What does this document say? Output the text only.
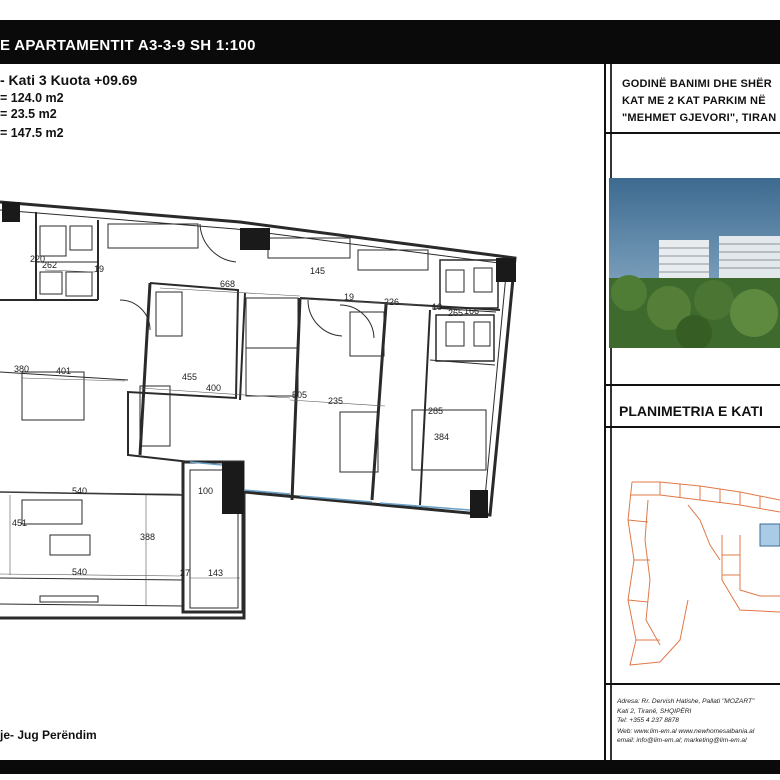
E APARTAMENTIT A3-3-9 SH 1:100
- Kati 3 Kuota +09.69
= 124.0 m2
= 23.5 m2
= 147.5 m2
220
262	19	145
668
19	226	10
265 166
380	401
455
400
505
235
285
384
540
451
388
540
100
27 143
GODINË BANIMI DHE SHËR
KAT ME 2 KAT PARKIM NË
"MEHMET GJEVORI", TIRAN
PLANIMETRIA E KATI
Adresa: Rr. Dervish Hatishe, Pallati "MOZART"
Kati 2, Tiranë, SHQIPËRI
Tel: +355 4 237 8878
Web: www.lim-em.al www.newhomesalbania.al
email: info@lim-em.al; marketing@lim-em.al
je- Jug Perëndim
